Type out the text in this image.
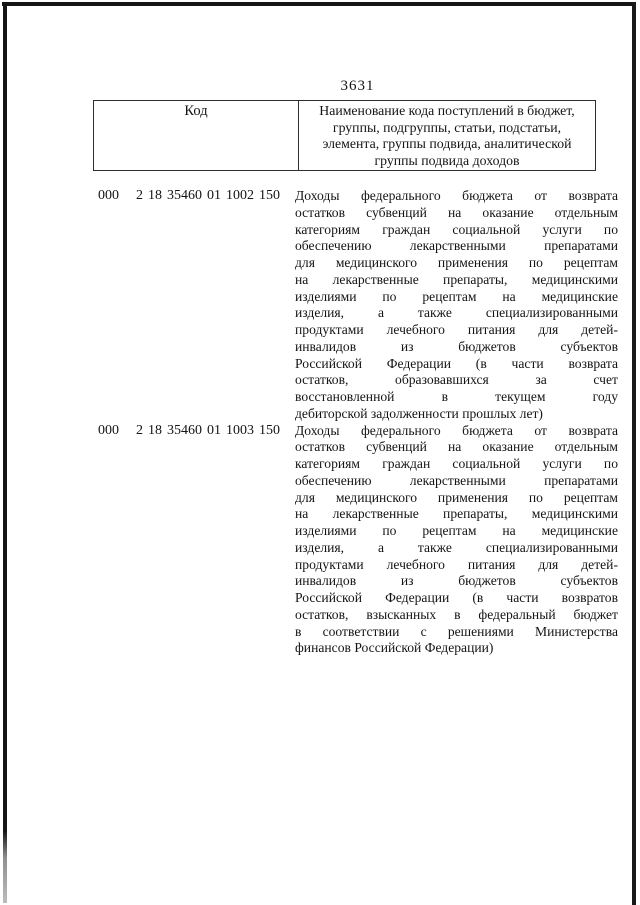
3631
Код	Наименование кода поступлений в бюджет,
группы, подгруппы, статьи, подстатьи,
элемента, группы подвида, аналитической
группы подвида доходов
000 2 18 35460 01 1002 150	Доходы федерального бюджета от возврата
остатков субвенций на оказание отдельным
категориям граждан социальной услуги по
обеспечению лекарственными препаратами
для медицинского применения по рецептам
на лекарственные препараты, медицинскими
изделиями по рецептам на медицинские
изделия, а также специализированными
продуктами лечебного питания для детей-
инвалидов из бюджетов субъектов
Российской Федерации (в части возврата
остатков, образовавшихся за счет
восстановленной в текущем году
дебиторской задолженности прошлых лет)
000 2 18 35460 01 1003 150	Доходы федерального бюджета от возврата
остатков субвенций на оказание отдельным
категориям граждан социальной услуги по
обеспечению лекарственными препаратами
для медицинского применения по рецептам
на лекарственные препараты, медицинскими
изделиями по рецептам на медицинские
изделия, а также специализированными
продуктами лечебного питания для детей-
инвалидов из бюджетов субъектов
Российской Федерации (в части возвратов
остатков, взысканных в федеральный бюджет
в соответствии с решениями Министерства
финансов Российской Федерации)
